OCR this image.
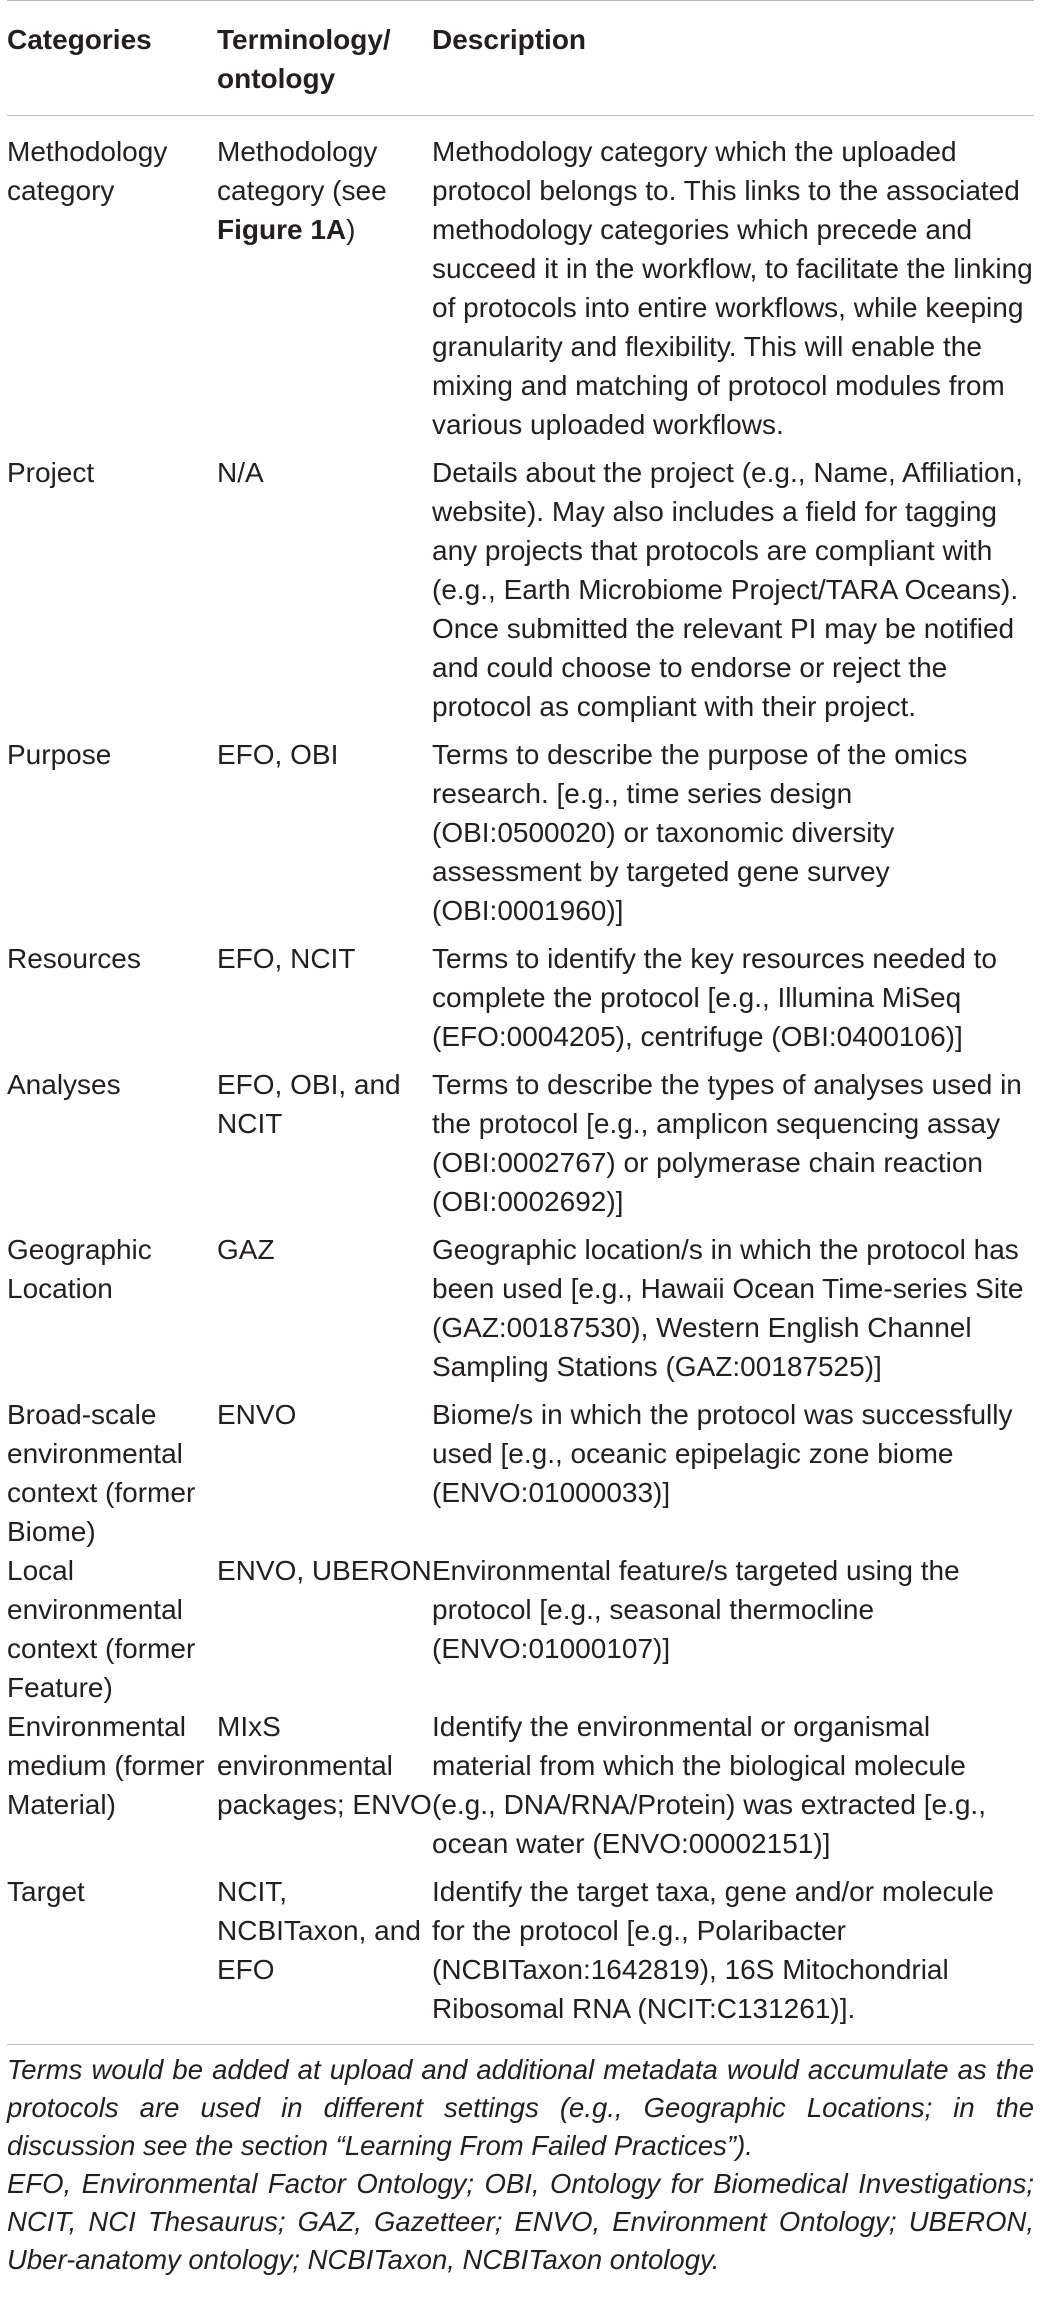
Categories	Terminology/ ontology	Description
Methodology category	Methodology category (see Figure 1A)	Methodology category which the uploaded protocol belongs to. This links to the associated methodology categories which precede and succeed it in the workflow, to facilitate the linking of protocols into entire workflows, while keeping granularity and flexibility. This will enable the mixing and matching of protocol modules from various uploaded workflows.
Project	N/A	Details about the project (e.g., Name, Affiliation, website). May also includes a field for tagging any projects that protocols are compliant with (e.g., Earth Microbiome Project/TARA Oceans). Once submitted the relevant PI may be notified and could choose to endorse or reject the protocol as compliant with their project.
Purpose	EFO, OBI	Terms to describe the purpose of the omics research. [e.g., time series design (OBI:0500020) or taxonomic diversity assessment by targeted gene survey (OBI:0001960)]
Resources	EFO, NCIT	Terms to identify the key resources needed to complete the protocol [e.g., Illumina MiSeq (EFO:0004205), centrifuge (OBI:0400106)]
Analyses	EFO, OBI, and NCIT	Terms to describe the types of analyses used in the protocol [e.g., amplicon sequencing assay (OBI:0002767) or polymerase chain reaction (OBI:0002692)]
Geographic Location	GAZ	Geographic location/s in which the protocol has been used [e.g., Hawaii Ocean Time-series Site (GAZ:00187530), Western English Channel Sampling Stations (GAZ:00187525)]
Broad-scale environmental context (former Biome)	ENVO	Biome/s in which the protocol was successfully used [e.g., oceanic epipelagic zone biome (ENVO:01000033)]
Local environmental context (former Feature)	ENVO, UBERON	Environmental feature/s targeted using the protocol [e.g., seasonal thermocline (ENVO:01000107)]
Environmental medium (former Material)	MIxS environmental packages; ENVO	Identify the environmental or organismal material from which the biological molecule (e.g., DNA/RNA/Protein) was extracted [e.g., ocean water (ENVO:00002151)]
Target	NCIT, NCBITaxon, and EFO	Identify the target taxa, gene and/or molecule for the protocol [e.g., Polaribacter (NCBITaxon:1642819), 16S Mitochondrial Ribosomal RNA (NCIT:C131261)].

Terms would be added at upload and additional metadata would accumulate as the protocols are used in different settings (e.g., Geographic Locations; in the discussion see the section “Learning From Failed Practices”).

EFO, Environmental Factor Ontology; OBI, Ontology for Biomedical Investigations; NCIT, NCI Thesaurus; GAZ, Gazetteer; ENVO, Environment Ontology; UBERON, Uber-anatomy ontology; NCBITaxon, NCBITaxon ontology.
